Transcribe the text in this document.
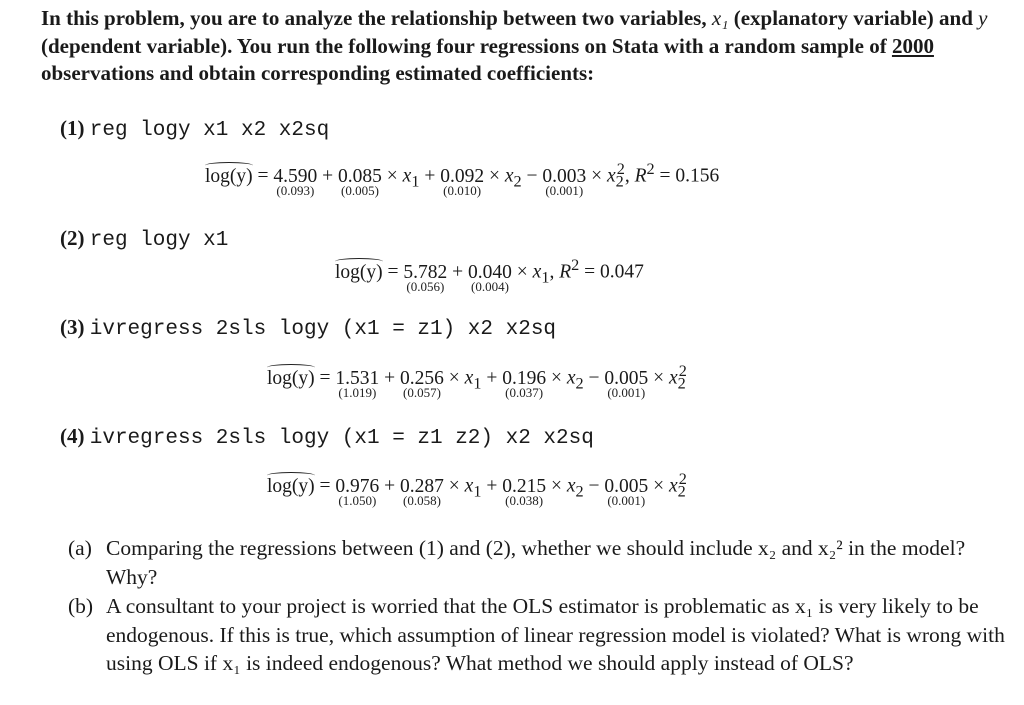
In this problem, you are to analyze the relationship between two variables, x₁ (explanatory variable) and y (dependent variable). You run the following four regressions on Stata with a random sample of 2000 observations and obtain corresponding estimated coefficients:
(1) reg logy x1 x2 x2sq
log(y) = 4.590
(0.093)
+ 0.085
(0.005)
× $x_1 + 0.092$
(0.010)
× $x_2 - 0.003$
(0.001)
× $x_2^2$, $R^2 = 0.156$
(2) reg logy x1
log(y) = 5.782
(0.056)
+ 0.040
(0.004)
× $x_1$, $R^2 = 0.047$
(3) ivregress 2sls logy (x1 = z1) x2 x2sq
log(y) = 1.531
(1.019)
+ 0.256
(0.057)
× $x_1 + 0.196$
(0.037)
× $x_2 - 0.005$
(0.001)
× $x_2^2$
(4) ivregress 2sls logy (x1 = z1 z2) x2 x2sq
log(y) = 0.976
(1.050)
+ 0.287
(0.058)
× $x_1 + 0.215$
(0.038)
× $x_2 - 0.005$
(0.001)
× $x_2^2$
(a) Comparing the regressions between (1) and (2), whether we should include x₂ and x₂² in the model? Why?
(b) A consultant to your project is worried that the OLS estimator is problematic as x₁ is very likely to be endogenous. If this is true, which assumption of linear regression model is violated? What is wrong with using OLS if x₁ is indeed endogenous? What method we should apply instead of OLS?
